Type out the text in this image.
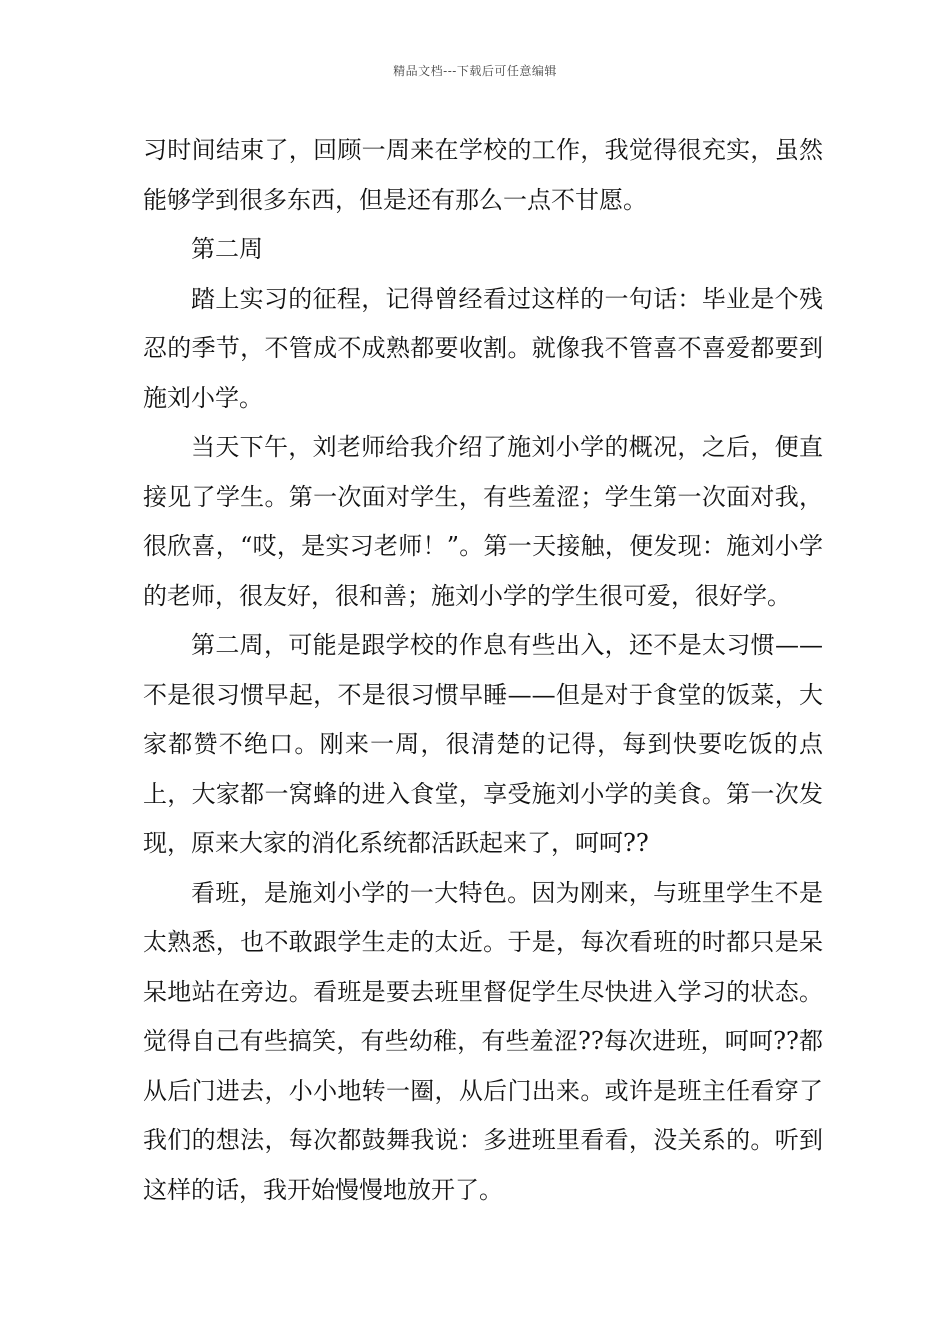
精品文档---下载后可任意编辑

习时间结束了，回顾一周来在学校的工作，我觉得很充实，虽然能够学到很多东西，但是还有那么一点不甘愿。

第二周

踏上实习的征程，记得曾经看过这样的一句话：毕业是个残忍的季节，不管成不成熟都要收割。就像我不管喜不喜爱都要到施刘小学。

当天下午，刘老师给我介绍了施刘小学的概况，之后，便直接见了学生。第一次面对学生，有些羞涩；学生第一次面对我，很欣喜，“哎，是实习老师！”。第一天接触，便发现：施刘小学的老师，很友好，很和善；施刘小学的学生很可爱，很好学。

第二周，可能是跟学校的作息有些出入，还不是太习惯——不是很习惯早起，不是很习惯早睡——但是对于食堂的饭菜，大家都赞不绝口。刚来一周，很清楚的记得，每到快要吃饭的点上，大家都一窝蜂的进入食堂，享受施刘小学的美食。第一次发现，原来大家的消化系统都活跃起来了，呵呵??

看班，是施刘小学的一大特色。因为刚来，与班里学生不是太熟悉，也不敢跟学生走的太近。于是，每次看班的时都只是呆呆地站在旁边。看班是要去班里督促学生尽快进入学习的状态。觉得自己有些搞笑，有些幼稚，有些羞涩??每次进班，呵呵??都从后门进去，小小地转一圈，从后门出来。或许是班主任看穿了我们的想法，每次都鼓舞我说：多进班里看看，没关系的。听到这样的话，我开始慢慢地放开了。
